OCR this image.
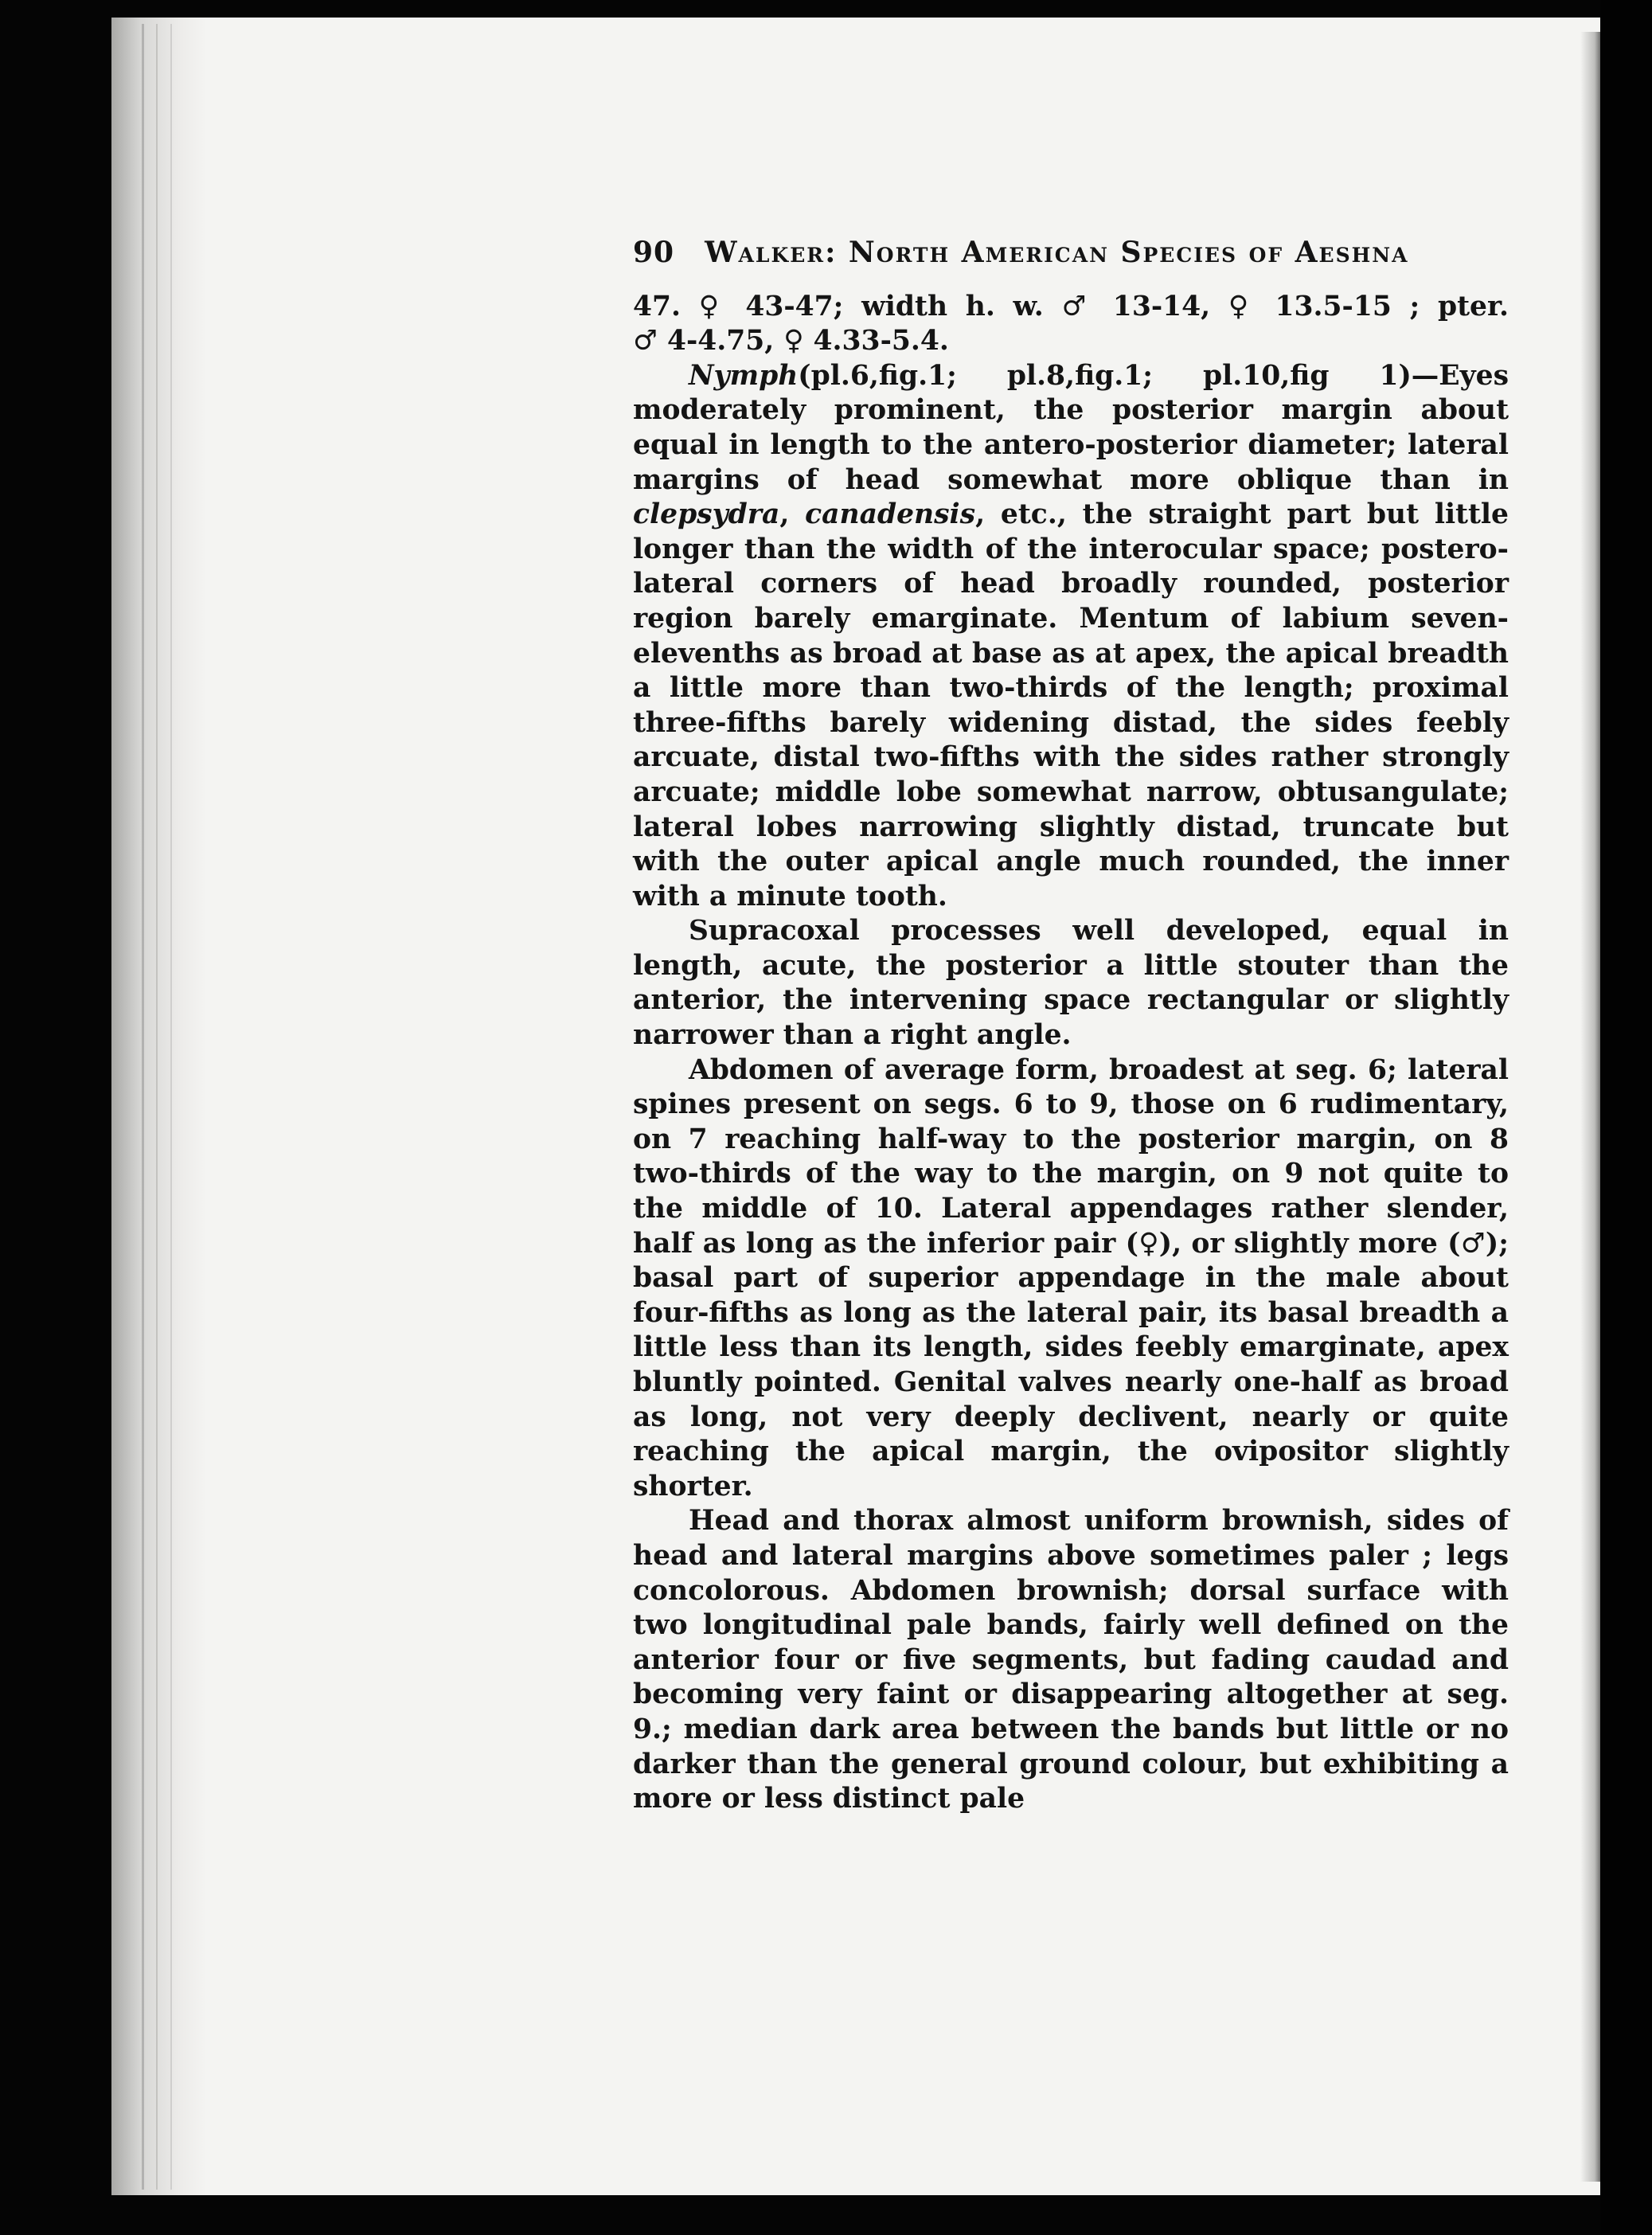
90 Walker: North American Species of Aeshna
47. ♀ 43-47; width h. w. ♂ 13-14, ♀ 13.5-15 ; pter.
♂ 4-4.75, ♀ 4.33-5.4.

Nymph(pl.6,fig.1; pl.8,fig.1; pl.10,fig 1)—Eyes moderately prominent, the posterior margin about equal in length to the antero-posterior diameter; lateral margins of head somewhat more oblique than in clepsydra, canadensis, etc., the straight part but little longer than the width of the interocular space; postero-lateral corners of head broadly rounded, posterior region barely emarginate. Mentum of labium seven-elevenths as broad at base as at apex, the apical breadth a little more than two-thirds of the length; proximal three-fifths barely widening distad, the sides feebly arcuate, distal two-fifths with the sides rather strongly arcuate; middle lobe somewhat narrow, obtusangulate; lateral lobes narrowing slightly distad, truncate but with the outer apical angle much rounded, the inner with a minute tooth.

Supracoxal processes well developed, equal in length, acute, the posterior a little stouter than the anterior, the intervening space rectangular or slightly narrower than a right angle.

Abdomen of average form, broadest at seg. 6; lateral spines present on segs. 6 to 9, those on 6 rudimentary, on 7 reaching half-way to the posterior margin, on 8 two-thirds of the way to the margin, on 9 not quite to the middle of 10. Lateral appendages rather slender, half as long as the inferior pair (♀), or slightly more (♂); basal part of superior appendage in the male about four-fifths as long as the lateral pair, its basal breadth a little less than its length, sides feebly emarginate, apex bluntly pointed. Genital valves nearly one-half as broad as long, not very deeply declivent, nearly or quite reaching the apical margin, the ovipositor slightly shorter.

Head and thorax almost uniform brownish, sides of head and lateral margins above sometimes paler ; legs concolorous. Abdomen brownish; dorsal surface with two longitudinal pale bands, fairly well defined on the anterior four or five segments, but fading caudad and becoming very faint or disappearing altogether at seg. 9.; median dark area between the bands but little or no darker than the general ground colour, but exhibiting a more or less distinct pale
